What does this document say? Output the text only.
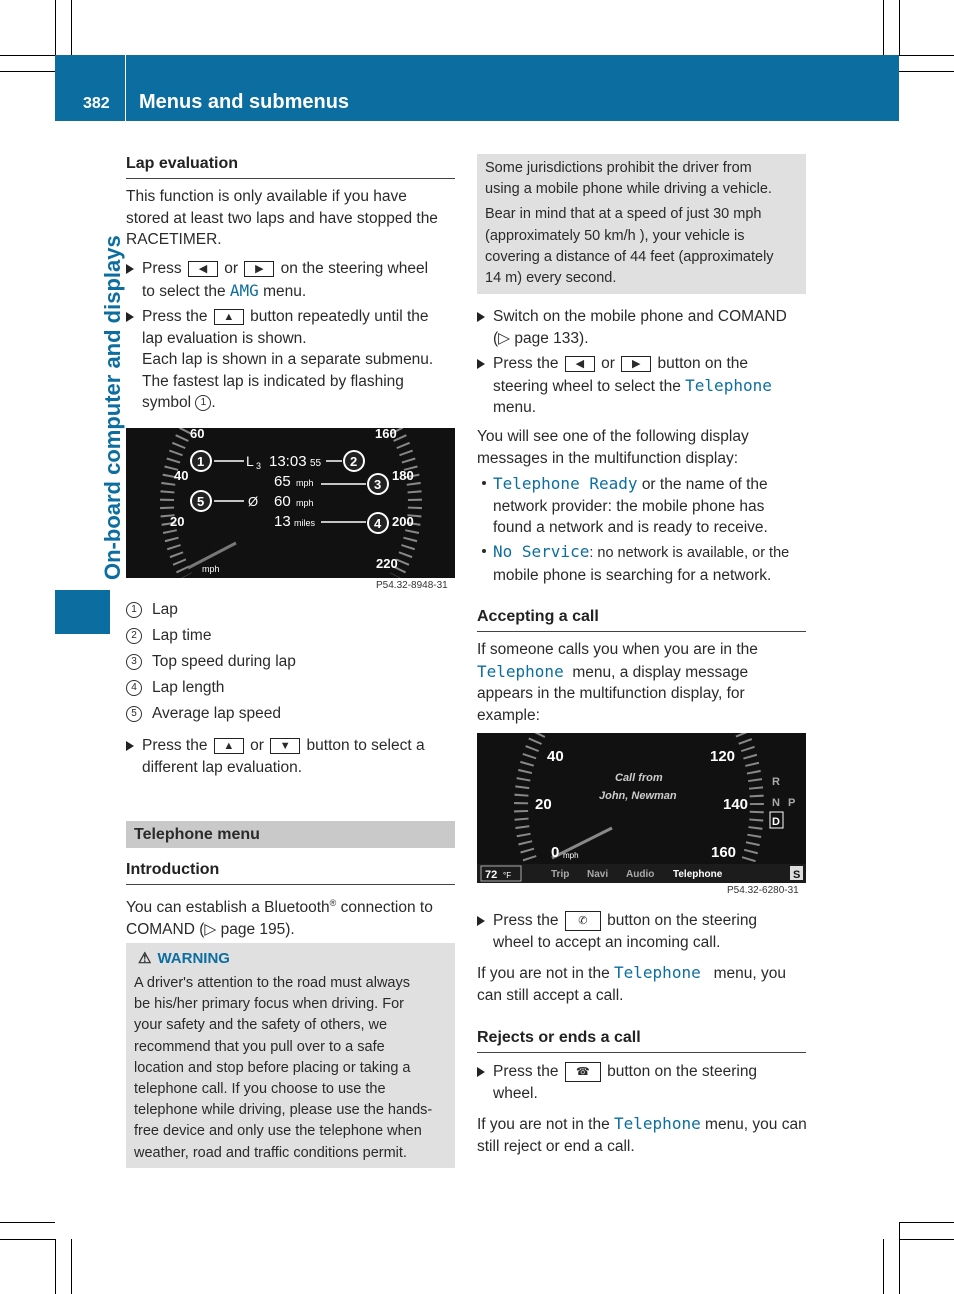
382 Menus and submenus
On-board computer and displays
Lap evaluation
This function is only available if you have
stored at least two laps and have stopped the
RACETIMER.
Press ◀ or ▶ on the steering wheel
to select the AMG menu.
Press the ▲ button repeatedly until the
lap evaluation is shown.
Each lap is shown in a separate submenu.
The fastest lap is indicated by flashing
symbol 1 .
L 3 13:03 55
65 mph
Ø 60 mph
13 miles
60
40
20
160
180
200
220
mph
1	2
3
4
5
P54.32-8948-31
1 Lap
2 Lap time
3 Top speed during lap
4 Lap length
5 Average lap speed
Press the ▲ or ▼ button to select a
different lap evaluation.
Telephone menu
Introduction
You can establish a Bluetooth® connection to
COMAND (▷ page 195).
⚠ WARNING
A driver's attention to the road must always
be his/her primary focus when driving. For
your safety and the safety of others, we
recommend that you pull over to a safe
location and stop before placing or taking a
telephone call. If you choose to use the
telephone while driving, please use the hands-
free device and only use the telephone when
weather, road and traffic conditions permit.
Some jurisdictions prohibit the driver from
using a mobile phone while driving a vehicle.
Bear in mind that at a speed of just 30 mph
(approximately 50 km/h ), your vehicle is
covering a distance of 44 feet (approximately
14 m) every second.
Switch on the mobile phone and COMAND
(▷ page 133).
Press the ◀ or ▶ button on the
steering wheel to select the Telephone
menu.
You will see one of the following display
messages in the multifunction display:
Telephone Ready or the name of the
network provider: the mobile phone has
found a network and is ready to receive.
No Service: no network is available, or the
mobile phone is searching for a network.
Accepting a call
If someone calls you when you are in the
Telephone menu, a display message
appears in the multifunction display, for
example:
40
20
0 mph
120
140
160
Call from
John, Newman
R
N P
D
72 °F	Trip Navi Audio Telephone	S
P54.32-6280-31
Press the ✆ button on the steering
wheel to accept an incoming call.
If you are not in the Telephone menu, you
can still accept a call.
Rejects or ends a call
Press the ☎ button on the steering
wheel.
If you are not in the Telephone menu, you can
still reject or end a call.
